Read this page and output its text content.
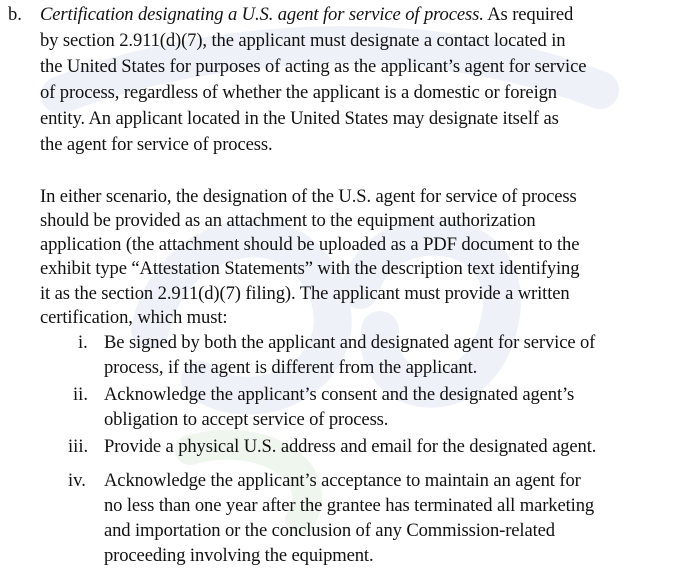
b. Certification designating a U.S. agent for service of process. As required
by section 2.911(d)(7), the applicant must designate a contact located in
the United States for purposes of acting as the applicant’s agent for service
of process, regardless of whether the applicant is a domestic or foreign
entity. An applicant located in the United States may designate itself as
the agent for service of process.
In either scenario, the designation of the U.S. agent for service of process
should be provided as an attachment to the equipment authorization
application (the attachment should be uploaded as a PDF document to the
exhibit type “Attestation Statements” with the description text identifying
it as the section 2.911(d)(7) filing). The applicant must provide a written
certification, which must:
i. Be signed by both the applicant and designated agent for service of
process, if the agent is different from the applicant.
ii. Acknowledge the applicant’s consent and the designated agent’s
obligation to accept service of process.
iii. Provide a physical U.S. address and email for the designated agent.
iv. Acknowledge the applicant’s acceptance to maintain an agent for
no less than one year after the grantee has terminated all marketing
and importation or the conclusion of any Commission-related
proceeding involving the equipment.
